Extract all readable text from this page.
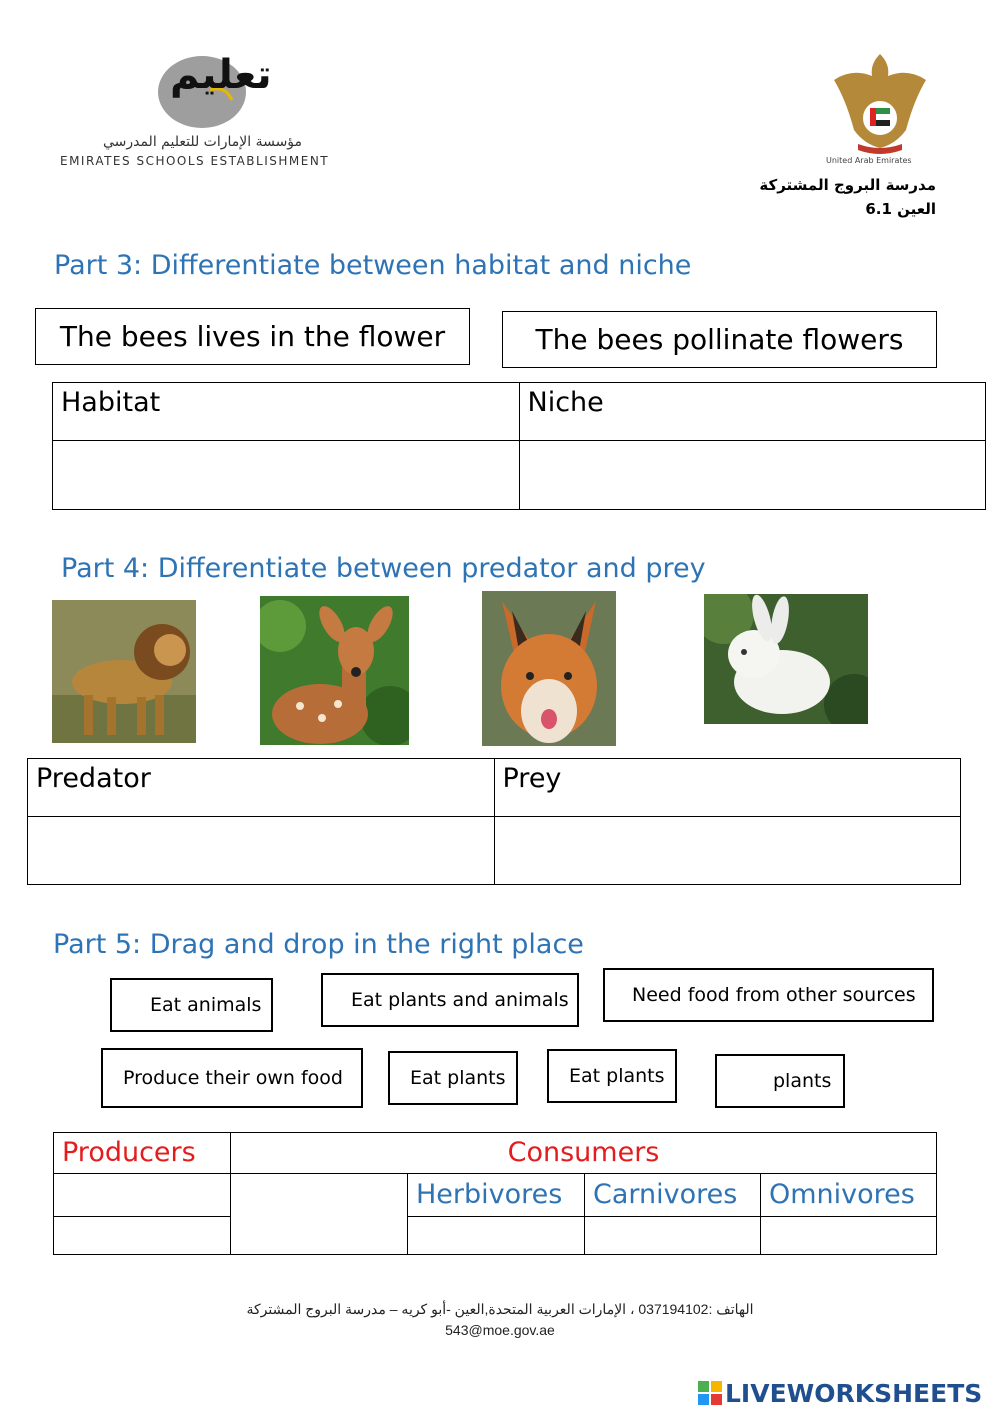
تعليم
مؤسسة الإمارات للتعليم المدرسي
EMIRATES SCHOOLS ESTABLISHMENT	United Arab Emirates
مدرسة البروج المشتركة
العين 6.1
Part 3: Differentiate between habitat and niche
The bees lives in the flower	The bees pollinate flowers
Habitat	Niche

Part 4: Differentiate between predator and prey
Predator	Prey

Part 5: Drag and drop in the right place
Eat animals	Eat plants and animals	Need food from other sources
Produce their own food	Eat plants	Eat plants	plants
Producers	Consumers			
		Herbivores	Carnivores	Omnivores

الهاتف :037194102 ، الإمارات العربية المتحدة,العين -أبو كريه – مدرسة البروج المشتركة
543@moe.gov.ae
LIVEWORKSHEETS
